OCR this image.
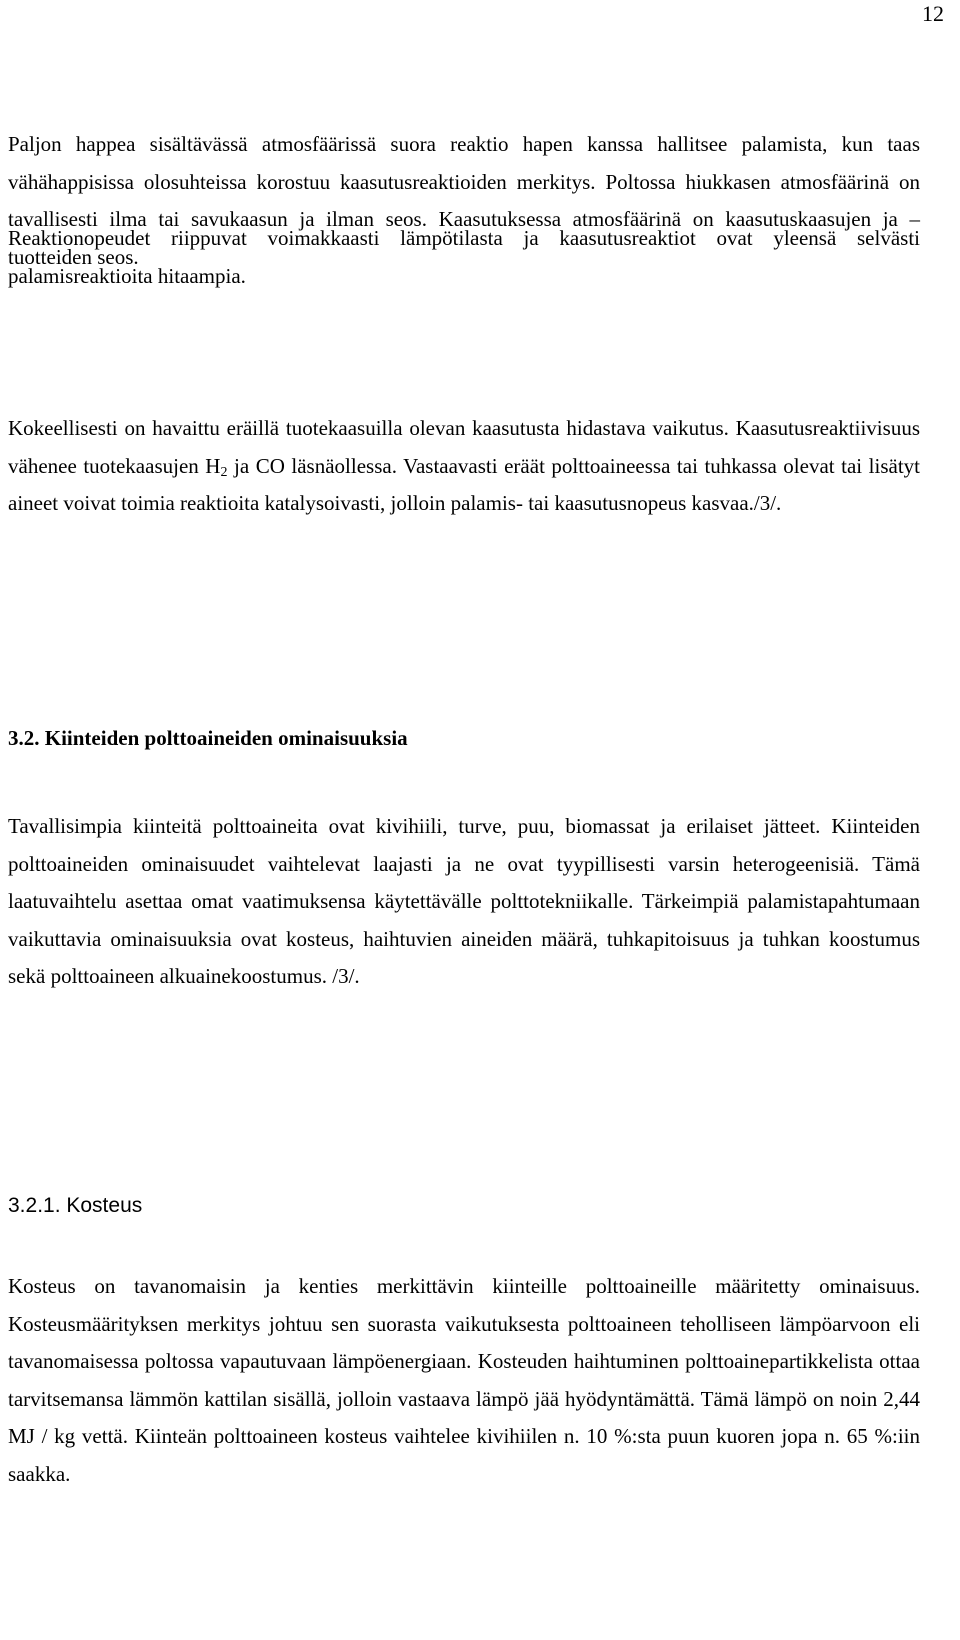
12

Paljon happea sisältävässä atmosfäärissä suora reaktio hapen kanssa hallitsee palamista, kun taas vähähappisissa olosuhteissa korostuu kaasutusreaktioiden merkitys. Poltossa hiukkasen atmosfäärinä on tavallisesti ilma tai savukaasun ja ilman seos. Kaasutuksessa atmosfäärinä on kaasutuskaasujen ja – tuotteiden seos.

Reaktionopeudet riippuvat voimakkaasti lämpötilasta ja kaasutusreaktiot ovat yleensä selvästi palamisreaktioita hitaampia.

Kokeellisesti on havaittu eräillä tuotekaasuilla olevan kaasutusta hidastava vaikutus. Kaasutusreaktiivisuus vähenee tuotekaasujen $H_2$ ja CO läsnäollessa. Vastaavasti eräät polttoaineessa tai tuhkassa olevat tai lisätyt aineet voivat toimia reaktioita katalysoivasti, jolloin palamis- tai kaasutusnopeus kasvaa./3/.

3.2. Kiinteiden polttoaineiden ominaisuuksia

Tavallisimpia kiinteitä polttoaineita ovat kivihiili, turve, puu, biomassat ja erilaiset jätteet. Kiinteiden polttoaineiden ominaisuudet vaihtelevat laajasti ja ne ovat tyypillisesti varsin heterogeenisiä. Tämä laatuvaihtelu asettaa omat vaatimuksensa käytettävälle polttotekniikalle. Tärkeimpiä palamistapahtumaan vaikuttavia ominaisuuksia ovat kosteus, haihtuvien aineiden määrä, tuhkapitoisuus ja tuhkan koostumus sekä polttoaineen alkuainekoostumus. /3/.

3.2.1. Kosteus

Kosteus on tavanomaisin ja kenties merkittävin kiinteille polttoaineille määritetty ominaisuus. Kosteusmäärityksen merkitys johtuu sen suorasta vaikutuksesta polttoaineen teholliseen lämpöarvoon eli tavanomaisessa poltossa vapautuvaan lämpöenergiaan. Kosteuden haihtuminen polttoainepartikkelista ottaa tarvitsemansa lämmön kattilan sisällä, jolloin vastaava lämpö jää hyödyntämättä. Tämä lämpö on noin 2,44 MJ / kg vettä. Kiinteän polttoaineen kosteus vaihtelee kivihiilen n. 10 %:sta puun kuoren jopa n. 65 %:iin saakka.
